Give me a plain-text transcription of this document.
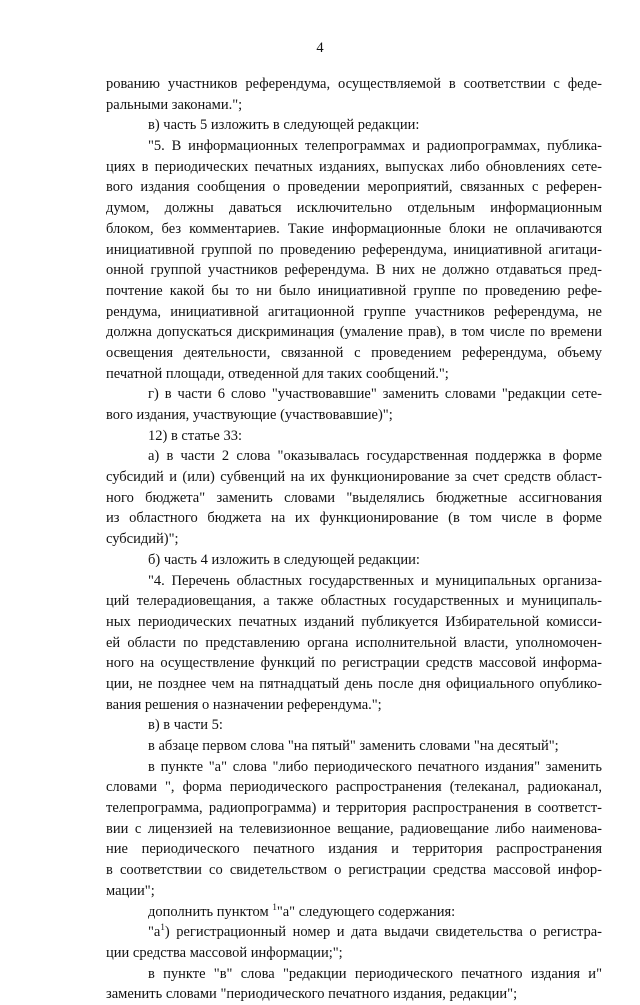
4
рованию участников референдума, осуществляемой в соответствии с феде-
ральными законами.";
в) часть 5 изложить в следующей редакции:
"5. В информационных телепрограммах и радиопрограммах, публика-
циях в периодических печатных изданиях, выпусках либо обновлениях сете-
вого издания сообщения о проведении мероприятий, связанных с референ-
думом, должны даваться исключительно отдельным информационным
блоком, без комментариев. Такие информационные блоки не оплачиваются
инициативной группой по проведению референдума, инициативной агитаци-
онной группой участников референдума. В них не должно отдаваться пред-
почтение какой бы то ни было инициативной группе по проведению рефе-
рендума, инициативной агитационной группе участников референдума, не
должна допускаться дискриминация (умаление прав), в том числе по времени
освещения деятельности, связанной с проведением референдума, объему
печатной площади, отведенной для таких сообщений.";
г) в части 6 слово "участвовавшие" заменить словами "редакции сете-
вого издания, участвующие (участвовавшие)";
12) в статье 33:
а) в части 2 слова "оказывалась государственная поддержка в форме
субсидий и (или) субвенций на их функционирование за счет средств област-
ного бюджета" заменить словами "выделялись бюджетные ассигнования
из областного бюджета на их функционирование (в том числе в форме
субсидий)";
б) часть 4 изложить в следующей редакции:
"4. Перечень областных государственных и муниципальных организа-
ций телерадиовещания, а также областных государственных и муниципаль-
ных периодических печатных изданий публикуется Избирательной комисси-
ей области по представлению органа исполнительной власти, уполномочен-
ного на осуществление функций по регистрации средств массовой информа-
ции, не позднее чем на пятнадцатый день после дня официального опублико-
вания решения о назначении референдума.";
в) в части 5:
в абзаце первом слова "на пятый" заменить словами "на десятый";
в пункте "а" слова "либо периодического печатного издания" заменить
словами ", форма периодического распространения (телеканал, радиоканал,
телепрограмма, радиопрограмма) и территория распространения в соответст-
вии с лицензией на телевизионное вещание, радиовещание либо наименова-
ние периодического печатного издания и территория распространения
в соответствии со свидетельством о регистрации средства массовой инфор-
мации";
дополнить пунктом $^1$"а" следующего содержания:
"$а^1$) регистрационный номер и дата выдачи свидетельства о регистра-
ции средства массовой информации;";
в пункте "в" слова "редакции периодического печатного издания и"
заменить словами "периодического печатного издания, редакции";
